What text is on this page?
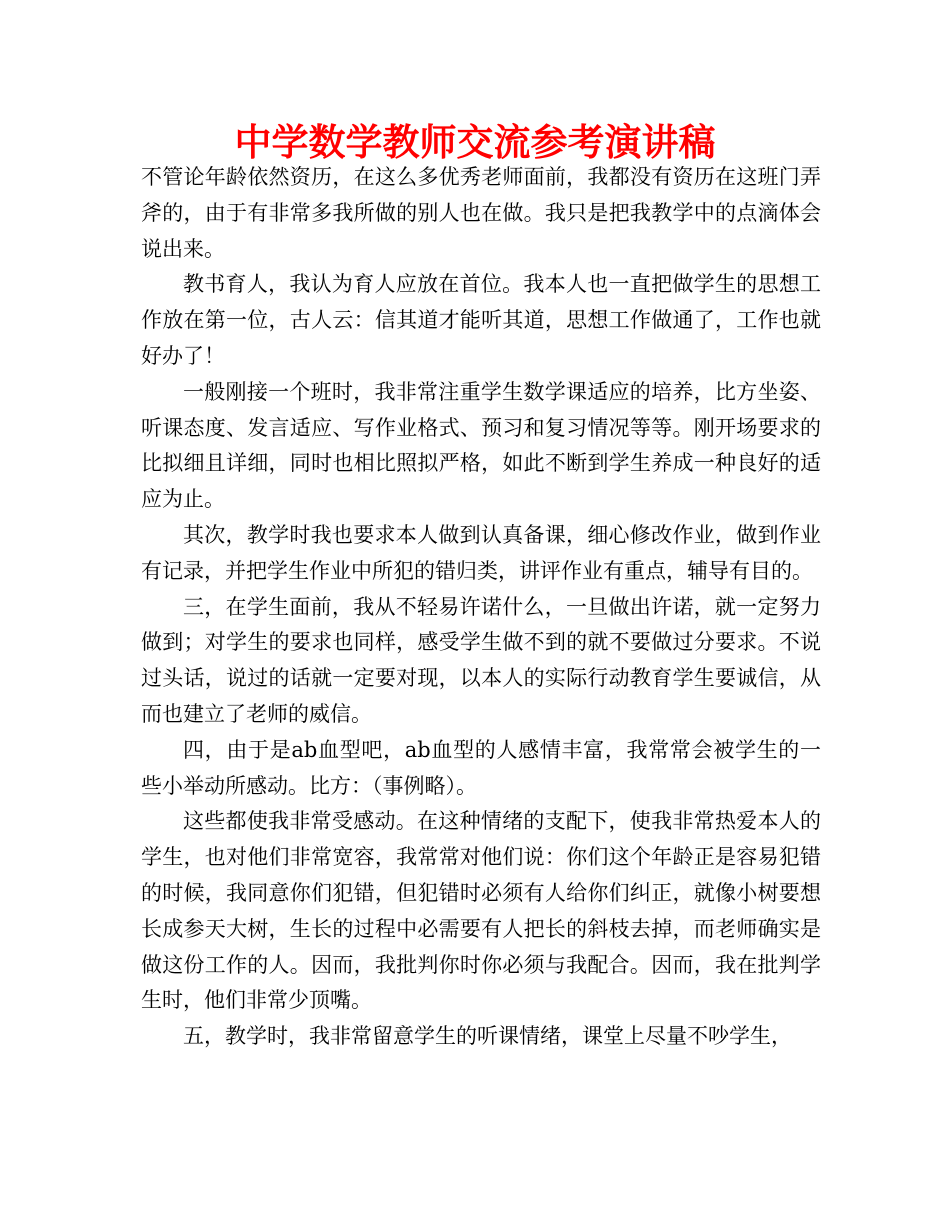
中学数学教师交流参考演讲稿

不管论年龄依然资历，在这么多优秀老师面前，我都没有资历在这班门弄斧的，由于有非常多我所做的别人也在做。我只是把我教学中的点滴体会说出来。

教书育人，我认为育人应放在首位。我本人也一直把做学生的思想工作放在第一位，古人云：信其道才能听其道，思想工作做通了，工作也就好办了！

一般刚接一个班时，我非常注重学生数学课适应的培养，比方坐姿、听课态度、发言适应、写作业格式、预习和复习情况等等。刚开场要求的比拟细且详细，同时也相比照拟严格，如此不断到学生养成一种良好的适应为止。

其次，教学时我也要求本人做到认真备课，细心修改作业，做到作业有记录，并把学生作业中所犯的错归类，讲评作业有重点，辅导有目的。

三，在学生面前，我从不轻易许诺什么，一旦做出许诺，就一定努力做到；对学生的要求也同样，感受学生做不到的就不要做过分要求。不说过头话，说过的话就一定要对现，以本人的实际行动教育学生要诚信，从而也建立了老师的威信。

四，由于是ab血型吧，ab血型的人感情丰富，我常常会被学生的一些小举动所感动。比方：（事例略）。

这些都使我非常受感动。在这种情绪的支配下，使我非常热爱本人的学生，也对他们非常宽容，我常常对他们说：你们这个年龄正是容易犯错的时候，我同意你们犯错，但犯错时必须有人给你们纠正，就像小树要想长成参天大树，生长的过程中必需要有人把长的斜枝去掉，而老师确实是做这份工作的人。因而，我批判你时你必须与我配合。因而，我在批判学生时，他们非常少顶嘴。

五，教学时，我非常留意学生的听课情绪，课堂上尽量不吵学生，
